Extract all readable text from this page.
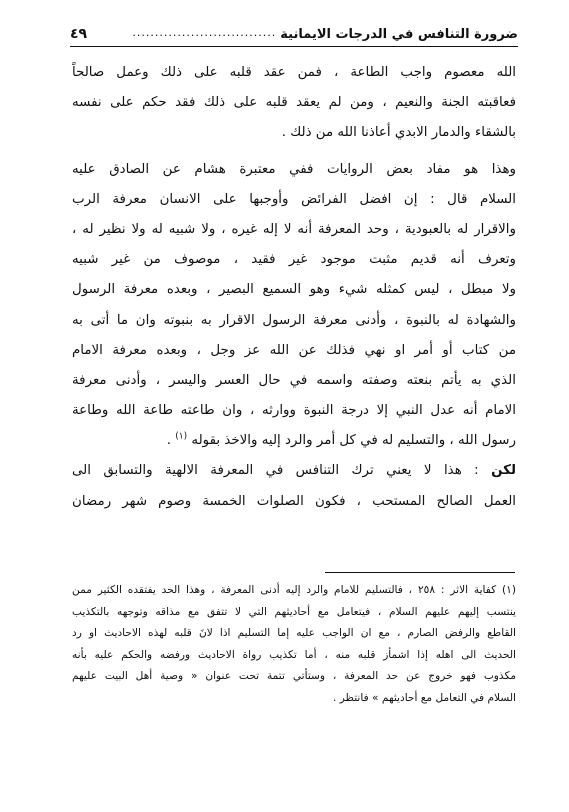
ضرورة التنافس في الدرجات الايمانية
................................
٤٩
الله معصوم واجب الطاعة ، فمن عقد قلبه على ذلك وعمل صالحاً
فعاقبته الجنة والنعيم ، ومن لم يعقد قلبه على ذلك فقد حكم على نفسه
بالشقاء والدمار الابدي أعاذنا الله من ذلك .
وهذا هو مفاد بعض الروايات ففي معتبرة هشام عن الصادق عليه
السلام قال : إن افضل الفرائض وأوجبها على الانسان معرفة الرب
والاقرار له بالعبودية ، وحد المعرفة أنه لا إله غيره ، ولا شبيه له ولا نظير له ،
وتعرف أنه قديم مثبت موجود غير فقيد ، موصوف من غير شبيه
ولا مبطل ، ليس كمثله شيء وهو السميع البصير ، وبعده معرفة الرسول
والشهادة له بالنبوة ، وأدنى معرفة الرسول الاقرار به بنبوته وان ما أتى به
من كتاب أو أمر او نهي فذلك عن الله عز وجل ، وبعده معرفة الامام
الذي به يأتم بنعته وصفته واسمه في حال العسر واليسر ، وأدنى معرفة
الامام أنه عدل النبي إلا درجة النبوة ووارثه ، وان طاعته طاعة الله وطاعة
رسول الله ، والتسليم له في كل أمر والرد إليه والاخذ بقوله $^{(١)}$ .
لكن : هذا لا يعني ترك التنافس في المعرفة الالهية والتسابق الى
العمل الصالح المستحب ، فكون الصلوات الخمسة وصوم شهر رمضان
(١) كفاية الاثر : ٢٥٨ ، فالتسليم للامام والرد إليه أدنى المعرفة ، وهذا الحد يفتقده الكثير ممن
ينتسب إليهم عليهم السلام ، فيتعامل مع أحاديثهم التي لا تتفق مع مذاقه وتوجهه بالتكذيب
القاطع والرفض الصارم ، مع ان الواجب عليه إما التسليم اذا لانَ قلبه لهذه الاحاديث او رد
الحديث الى اهله إذا اشمأز قلبه منه ، أما تكذيب رواة الاحاديث ورفضه والحكم عليه بأنه
مكذوب فهو خروج عن حد المعرفة ، وستأتي تتمة تحت عنوان « وصية أهل البيت عليهم
السلام في التعامل مع أحاديثهم » فانتظر .
